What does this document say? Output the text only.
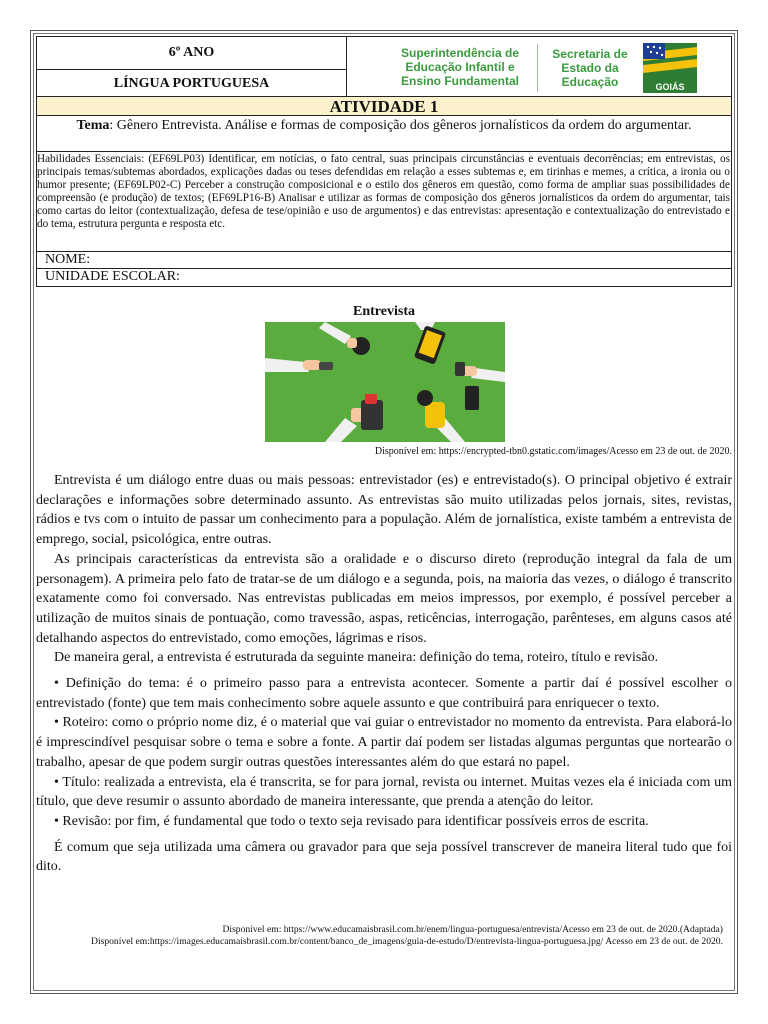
6º ANO	Superintendência de Educação Infantil e Ensino Fundamental
Secretaria de Estado da Educação	GOIÁS

LÍNGUA PORTUGUESA
ATIVIDADE 1
Tema: Gênero Entrevista. Análise e formas de composição dos gêneros jornalísticos da ordem do argumentar.
Habilidades Essenciais: (EF69LP03) Identificar, em notícias, o fato central, suas principais circunstâncias e eventuais decorrências; em entrevistas, os principais temas/subtemas abordados, explicações dadas ou teses defendidas em relação a esses subtemas e, em tirinhas e memes, a crítica, a ironia ou o humor presente; (EF69LP02-C) Perceber a construção composicional e o estilo dos gêneros em questão, como forma de ampliar suas possibilidades de compreensão (e produção) de textos; (EF69LP16-B) Analisar e utilizar as formas de composição dos gêneros jornalísticos da ordem do argumentar, tais como cartas do leitor (contextualização, defesa de tese/opinião e uso de argumentos) e das entrevistas: apresentação e contextualização do entrevistado e do tema, estrutura pergunta e resposta etc.
NOME:
UNIDADE ESCOLAR:
Entrevista
Disponível em: https://encrypted-tbn0.gstatic.com/images/Acesso em 23 de out. de 2020.

Entrevista é um diálogo entre duas ou mais pessoas: entrevistador (es) e entrevistado(s). O principal objetivo é extrair declarações e informações sobre determinado assunto. As entrevistas são muito utilizadas pelos jornais, sites, revistas, rádios e tvs com o intuito de passar um conhecimento para a população. Além de jornalística, existe também a entrevista de emprego, social, psicológica, entre outras.

As principais características da entrevista são a oralidade e o discurso direto (reprodução integral da fala de um personagem). A primeira pelo fato de tratar-se de um diálogo e a segunda, pois, na maioria das vezes, o diálogo é transcrito exatamente como foi conversado. Nas entrevistas publicadas em meios impressos, por exemplo, é possível perceber a utilização de muitos sinais de pontuação, como travessão, aspas, reticências, interrogação, parênteses, em alguns casos até detalhando aspectos do entrevistado, como emoções, lágrimas e risos.

De maneira geral, a entrevista é estruturada da seguinte maneira: definição do tema, roteiro, título e revisão.

• Definição do tema: é o primeiro passo para a entrevista acontecer. Somente a partir daí é possível escolher o entrevistado (fonte) que tem mais conhecimento sobre aquele assunto e que contribuirá para enriquecer o texto.

• Roteiro: como o próprio nome diz, é o material que vai guiar o entrevistador no momento da entrevista. Para elaborá-lo é imprescindível pesquisar sobre o tema e sobre a fonte. A partir daí podem ser listadas algumas perguntas que nortearão o trabalho, apesar de que podem surgir outras questões interessantes além do que estará no papel.

• Título: realizada a entrevista, ela é transcrita, se for para jornal, revista ou internet. Muitas vezes ela é iniciada com um título, que deve resumir o assunto abordado de maneira interessante, que prenda a atenção do leitor.

• Revisão: por fim, é fundamental que todo o texto seja revisado para identificar possíveis erros de escrita.

É comum que seja utilizada uma câmera ou gravador para que seja possível transcrever de maneira literal tudo que foi dito.

Disponível em: https://www.educamaisbrasil.com.br/enem/lingua-portuguesa/entrevista/Acesso em 23 de out. de 2020.(Adaptada)
Disponível em:https://images.educamaisbrasil.com.br/content/banco_de_imagens/guia-de-estudo/D/entrevista-lingua-portuguesa.jpg/ Acesso em 23 de out. de 2020.
